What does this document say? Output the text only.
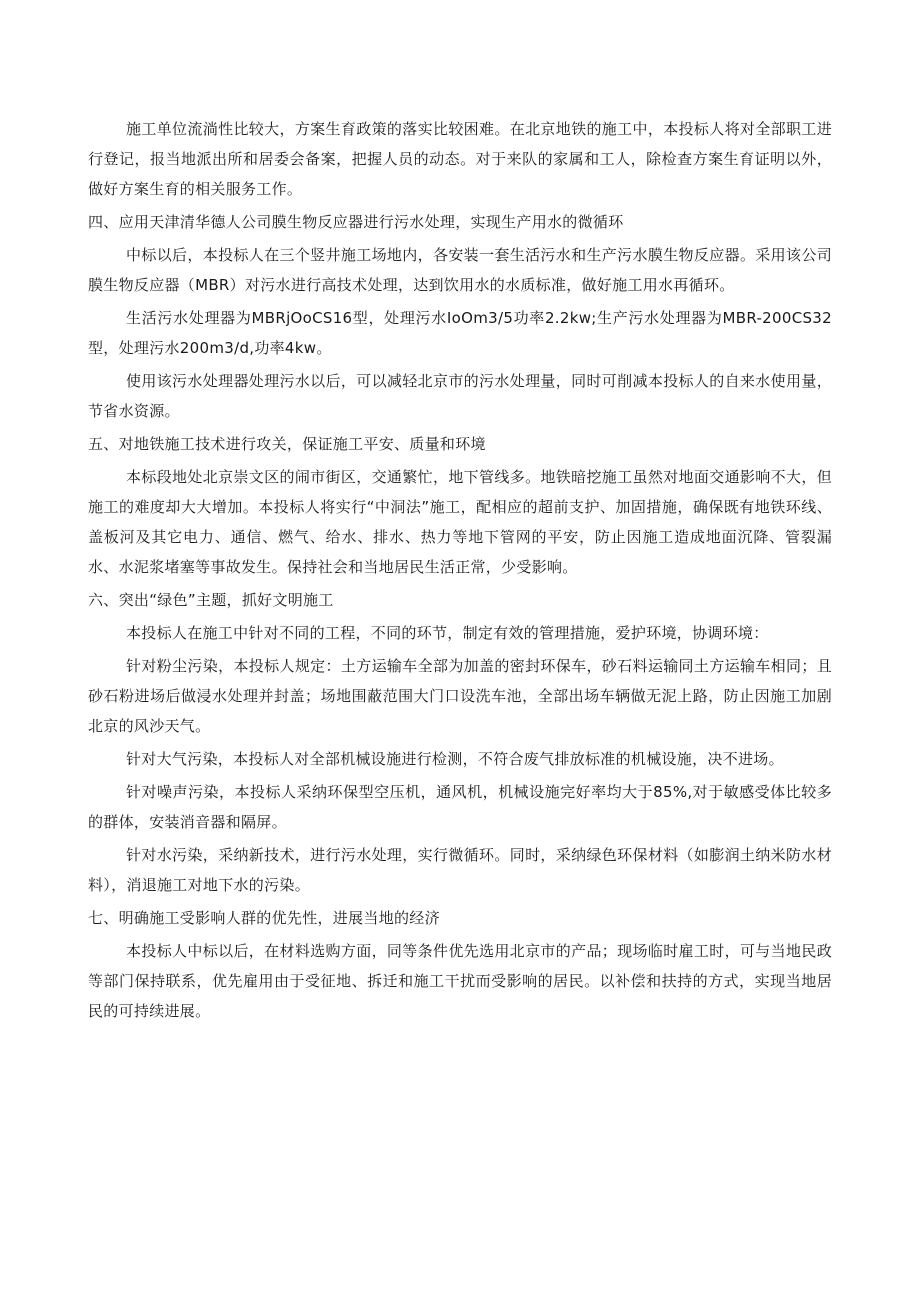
施工单位流淌性比较大，方案生育政策的落实比较困难。在北京地铁的施工中，本投标人将对全部职工进行登记，报当地派出所和居委会备案，把握人员的动态。对于来队的家属和工人，除检查方案生育证明以外，做好方案生育的相关服务工作。

四、应用天津清华德人公司膜生物反应器进行污水处理，实现生产用水的微循环

中标以后，本投标人在三个竖井施工场地内，各安装一套生活污水和生产污水膜生物反应器。采用该公司膜生物反应器（MBR）对污水进行高技术处理，达到饮用水的水质标准，做好施工用水再循环。

生活污水处理器为MBRjOoCS16型，处理污水IoOm3/5功率2.2kw;生产污水处理器为MBR-200CS32型，处理污水200m3∕d,功率4kw。

使用该污水处理器处理污水以后，可以减轻北京市的污水处理量，同时可削减本投标人的自来水使用量，节省水资源。

五、对地铁施工技术进行攻关，保证施工平安、质量和环境

本标段地处北京崇文区的闹市街区，交通繁忙，地下管线多。地铁暗挖施工虽然对地面交通影响不大，但施工的难度却大大增加。本投标人将实行“中洞法”施工，配相应的超前支护、加固措施，确保既有地铁环线、盖板河及其它电力、通信、燃气、给水、排水、热力等地下管网的平安，防止因施工造成地面沉降、管裂漏水、水泥浆堵塞等事故发生。保持社会和当地居民生活正常，少受影响。

六、突出“绿色”主题，抓好文明施工

本投标人在施工中针对不同的工程，不同的环节，制定有效的管理措施，爱护环境，协调环境：

针对粉尘污染，本投标人规定：土方运输车全部为加盖的密封环保车，砂石料运输同土方运输车相同；且砂石粉进场后做浸水处理并封盖；场地围蔽范围大门口设洗车池，全部出场车辆做无泥上路，防止因施工加剧北京的风沙天气。

针对大气污染，本投标人对全部机械设施进行检测，不符合废气排放标准的机械设施，决不进场。

针对噪声污染，本投标人采纳环保型空压机，通风机，机械设施完好率均大于85%,对于敏感受体比较多的群体，安装消音器和隔屏。

针对水污染，采纳新技术，进行污水处理，实行微循环。同时，采纳绿色环保材料（如膨润土纳米防水材料），消退施工对地下水的污染。

七、明确施工受影响人群的优先性，进展当地的经济

本投标人中标以后，在材料选购方面，同等条件优先选用北京市的产品；现场临时雇工时，可与当地民政等部门保持联系，优先雇用由于受征地、拆迁和施工干扰而受影响的居民。以补偿和扶持的方式，实现当地居民的可持续进展。
